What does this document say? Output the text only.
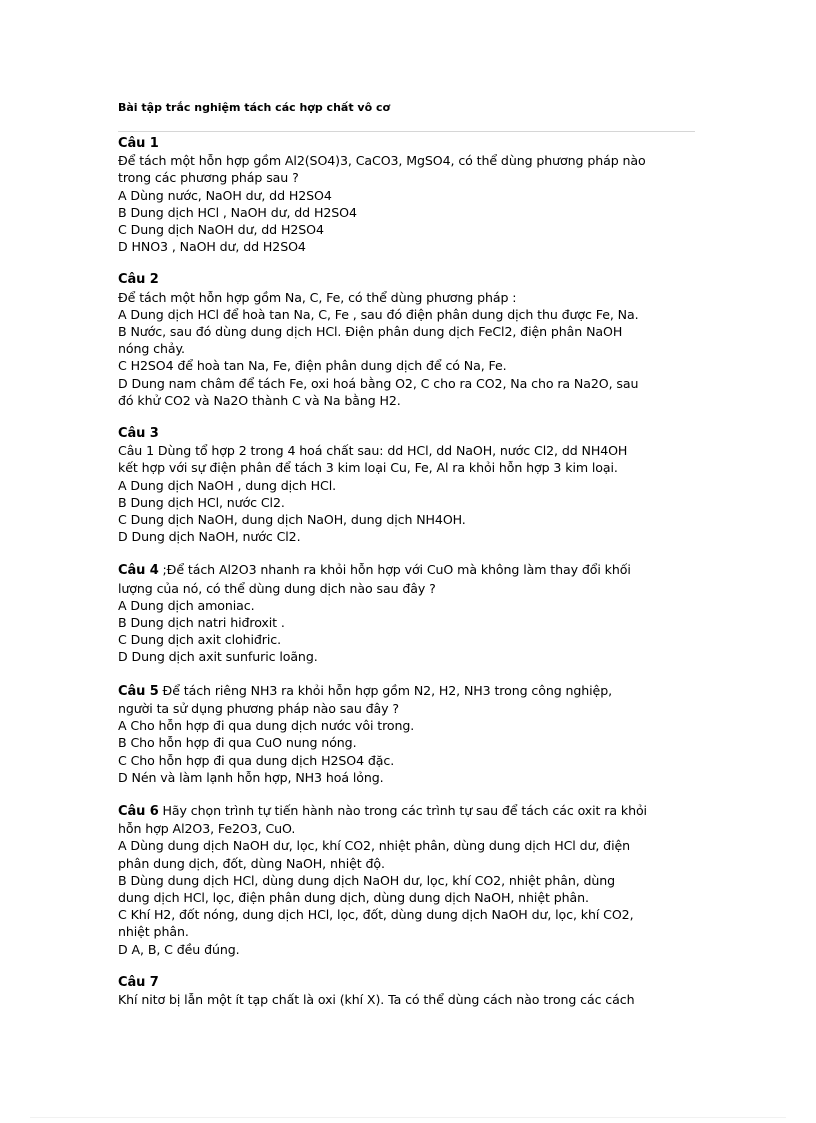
Bài tập trắc nghiệm tách các hợp chất vô cơ
Câu 1
Để tách một hỗn hợp gồm Al2(SO4)3, CaCO3, MgSO4, có thể dùng phương pháp nào
trong các phương pháp sau ?
A Dùng nước, NaOH dư, dd H2SO4
B Dung dịch HCl , NaOH dư, dd H2SO4
C Dung dịch NaOH dư, dd H2SO4
D HNO3 , NaOH dư, dd H2SO4
Câu 2
Để tách một hỗn hợp gồm Na, C, Fe, có thể dùng phương pháp :
A Dung dịch HCl để hoà tan Na, C, Fe , sau đó điện phân dung dịch thu được Fe, Na.
B Nước, sau đó dùng dung dịch HCl. Điện phân dung dịch FeCl2, điện phân NaOH
nóng chảy.
C H2SO4 để hoà tan Na, Fe, điện phân dung dịch để có Na, Fe.
D Dung nam châm để tách Fe, oxi hoá bằng O2, C cho ra CO2, Na cho ra Na2O, sau
đó khử CO2 và Na2O thành C và Na bằng H2.
Câu 3
Câu 1 Dùng tổ hợp 2 trong 4 hoá chất sau: dd HCl, dd NaOH, nước Cl2, dd NH4OH
kết hợp với sự điện phân để tách 3 kim loại Cu, Fe, Al ra khỏi hỗn hợp 3 kim loại.
A Dung dịch NaOH , dung dịch HCl.
B Dung dịch HCl, nước Cl2.
C Dung dịch NaOH, dung dịch NaOH, dung dịch NH4OH.
D Dung dịch NaOH, nước Cl2.
Câu 4 ;Để tách Al2O3 nhanh ra khỏi hỗn hợp với CuO mà không làm thay đổi khối
lượng của nó, có thể dùng dung dịch nào sau đây ?
A Dung dịch amoniac.
B Dung dịch natri hiđroxit .
C Dung dịch axit clohiđric.
D Dung dịch axit sunfuric loãng.
Câu 5 Để tách riêng NH3 ra khỏi hỗn hợp gồm N2, H2, NH3 trong công nghiệp,
người ta sử dụng phương pháp nào sau đây ?
A Cho hỗn hợp đi qua dung dịch nước vôi trong.
B Cho hỗn hợp đi qua CuO nung nóng.
C Cho hỗn hợp đi qua dung dịch H2SO4 đặc.
D Nén và làm lạnh hỗn hợp, NH3 hoá lỏng.
Câu 6 Hãy chọn trình tự tiến hành nào trong các trình tự sau để tách các oxit ra khỏi
hỗn hợp Al2O3, Fe2O3, CuO.
A Dùng dung dịch NaOH dư, lọc, khí CO2, nhiệt phân, dùng dung dịch HCl dư, điện
phân dung dịch, đốt, dùng NaOH, nhiệt độ.
B Dùng dung dịch HCl, dùng dung dịch NaOH dư, lọc, khí CO2, nhiệt phân, dùng
dung dịch HCl, lọc, điện phân dung dịch, dùng dung dịch NaOH, nhiệt phân.
C Khí H2, đốt nóng, dung dịch HCl, lọc, đốt, dùng dung dịch NaOH dư, lọc, khí CO2,
nhiệt phân.
D A, B, C đều đúng.
Câu 7
Khí nitơ bị lẫn một ít tạp chất là oxi (khí X). Ta có thể dùng cách nào trong các cách
